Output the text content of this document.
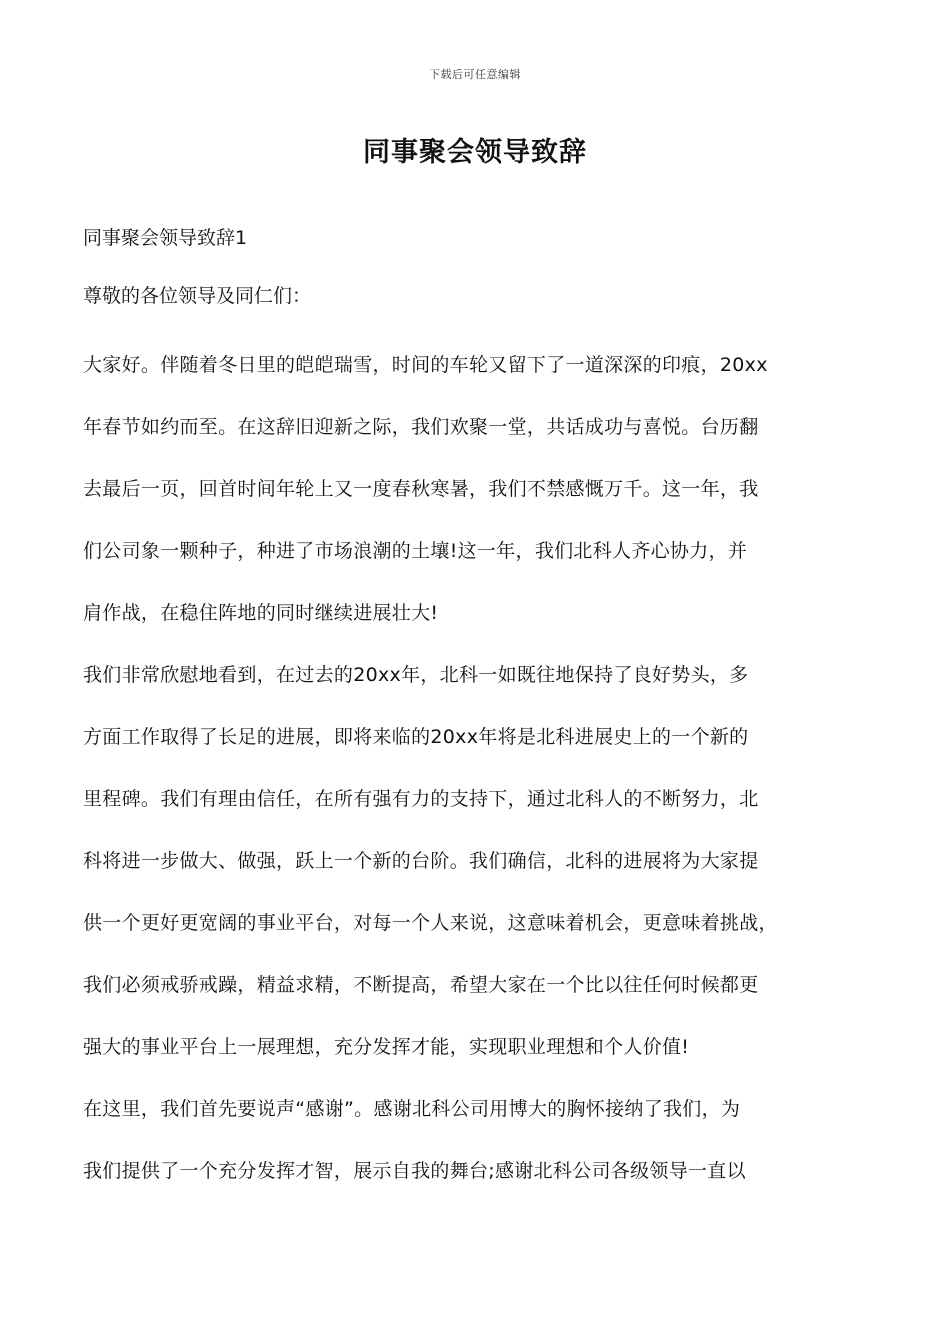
下载后可任意编辑
同事聚会领导致辞
同事聚会领导致辞1
尊敬的各位领导及同仁们：
大家好。伴随着冬日里的皑皑瑞雪，时间的车轮又留下了一道深深的印痕，20xx
年春节如约而至。在这辞旧迎新之际，我们欢聚一堂，共话成功与喜悦。台历翻
去最后一页，回首时间年轮上又一度春秋寒暑，我们不禁感慨万千。这一年，我
们公司象一颗种子，种进了市场浪潮的土壤!这一年，我们北科人齐心协力，并
肩作战，在稳住阵地的同时继续进展壮大!
我们非常欣慰地看到，在过去的20xx年，北科一如既往地保持了良好势头，多
方面工作取得了长足的进展，即将来临的20xx年将是北科进展史上的一个新的
里程碑。我们有理由信任，在所有强有力的支持下，通过北科人的不断努力，北
科将进一步做大、做强，跃上一个新的台阶。我们确信，北科的进展将为大家提
供一个更好更宽阔的事业平台，对每一个人来说，这意味着机会，更意味着挑战，
我们必须戒骄戒躁，精益求精，不断提高，希望大家在一个比以往任何时候都更
强大的事业平台上一展理想，充分发挥才能，实现职业理想和个人价值!
在这里，我们首先要说声“感谢”。感谢北科公司用博大的胸怀接纳了我们，为
我们提供了一个充分发挥才智，展示自我的舞台;感谢北科公司各级领导一直以
